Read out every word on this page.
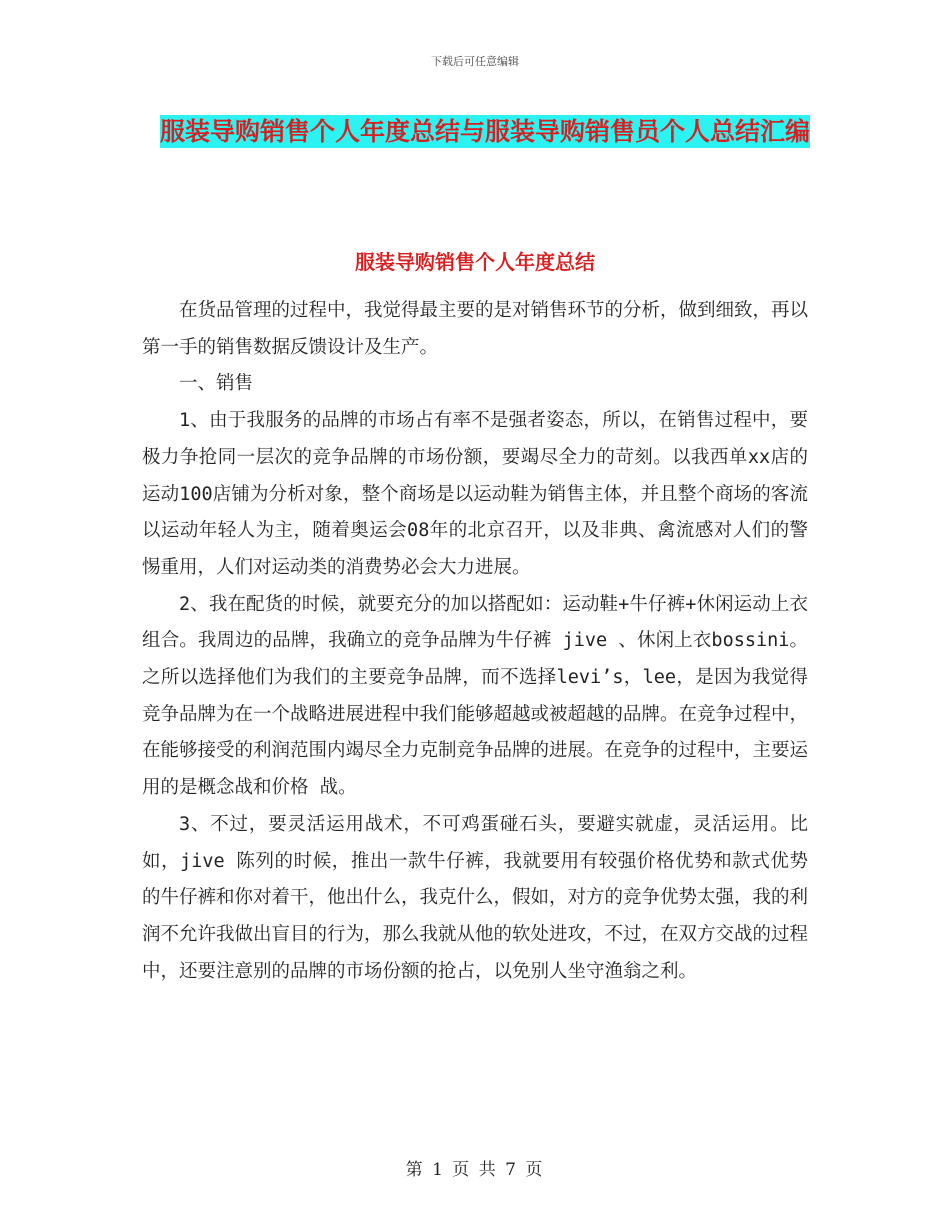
下载后可任意编辑
服装导购销售个人年度总结与服装导购销售员个人总结汇编
服装导购销售个人年度总结

在货品管理的过程中，我觉得最主要的是对销售环节的分析，做到细致，再以第一手的销售数据反馈设计及生产。

一、销售

1、由于我服务的品牌的市场占有率不是强者姿态，所以，在销售过程中，要极力争抢同一层次的竞争品牌的市场份额，要竭尽全力的苛刻。以我西单xx店的运动100店铺为分析对象，整个商场是以运动鞋为销售主体，并且整个商场的客流以运动年轻人为主，随着奥运会08年的北京召开，以及非典、禽流感对人们的警惕重用，人们对运动类的消费势必会大力进展。

2、我在配货的时候，就要充分的加以搭配如：运动鞋+牛仔裤+休闲运动上衣组合。我周边的品牌，我确立的竞争品牌为牛仔裤 jive 、休闲上衣bossini。之所以选择他们为我们的主要竞争品牌，而不选择levi’s，lee，是因为我觉得竞争品牌为在一个战略进展进程中我们能够超越或被超越的品牌。在竞争过程中，在能够接受的利润范围内竭尽全力克制竞争品牌的进展。在竞争的过程中，主要运用的是概念战和价格 战。

3、不过，要灵活运用战术，不可鸡蛋碰石头，要避实就虚，灵活运用。比如，jive 陈列的时候，推出一款牛仔裤，我就要用有较强价格优势和款式优势的牛仔裤和你对着干，他出什么，我克什么，假如，对方的竞争优势太强，我的利润不允许我做出盲目的行为，那么我就从他的软处进攻，不过，在双方交战的过程中，还要注意别的品牌的市场份额的抢占，以免别人坐守渔翁之利。

第 1 页 共 7 页
